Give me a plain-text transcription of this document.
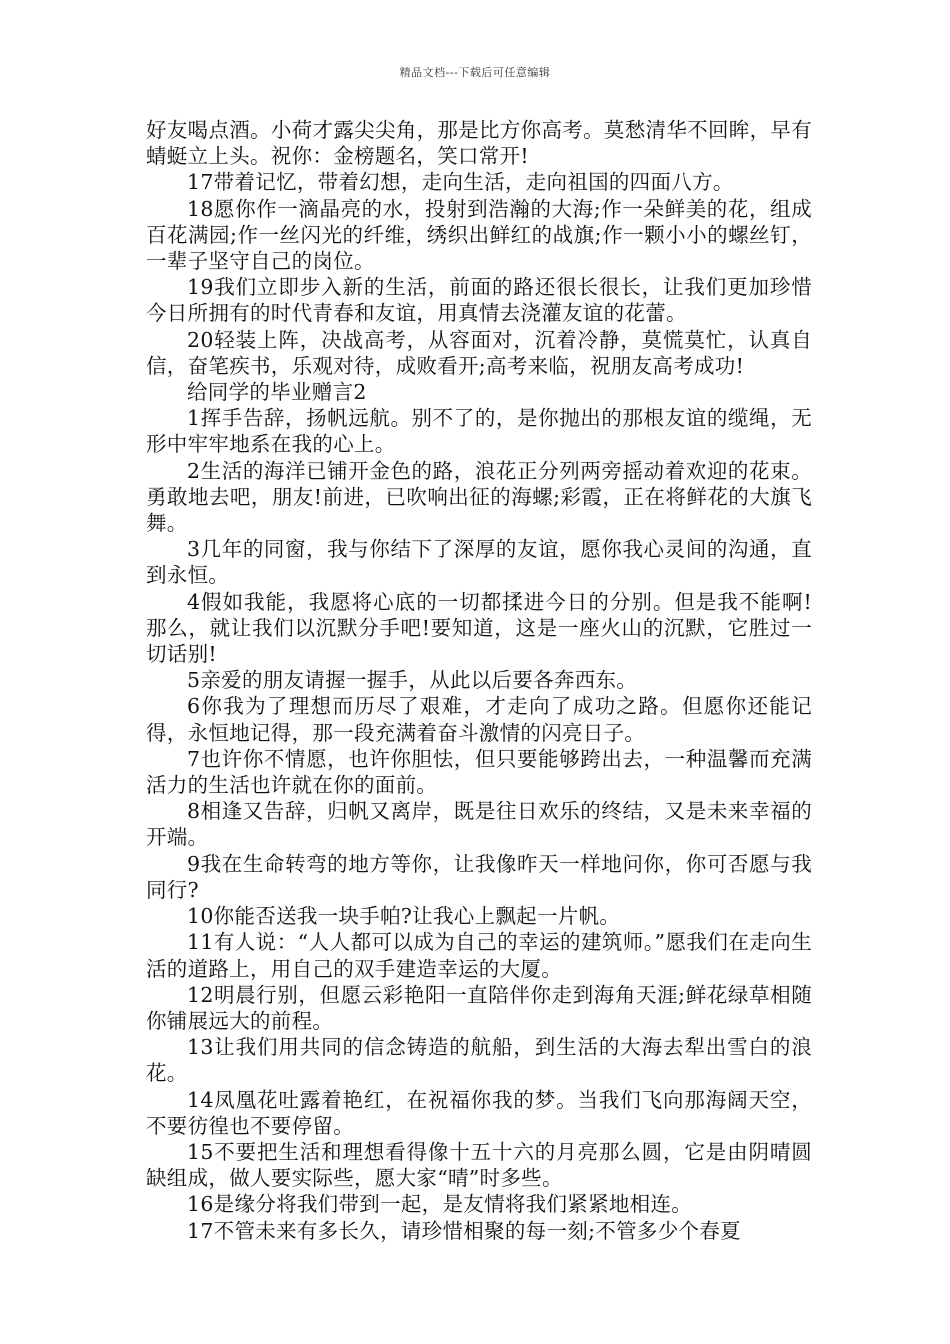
精品文档---下载后可任意编辑

好友喝点酒。小荷才露尖尖角，那是比方你高考。莫愁清华不回眸，早有蜻蜓立上头。祝你：金榜题名，笑口常开!

17带着记忆，带着幻想，走向生活，走向祖国的四面八方。

18愿你作一滴晶亮的水，投射到浩瀚的大海;作一朵鲜美的花，组成百花满园;作一丝闪光的纤维，绣织出鲜红的战旗;作一颗小小的螺丝钉，一辈子坚守自己的岗位。

19我们立即步入新的生活，前面的路还很长很长，让我们更加珍惜今日所拥有的时代青春和友谊，用真情去浇灌友谊的花蕾。

20轻装上阵，决战高考，从容面对，沉着冷静，莫慌莫忙，认真自信，奋笔疾书，乐观对待，成败看开;高考来临，祝朋友高考成功!

给同学的毕业赠言2

1挥手告辞，扬帆远航。别不了的，是你抛出的那根友谊的缆绳，无形中牢牢地系在我的心上。

2生活的海洋已铺开金色的路，浪花正分列两旁摇动着欢迎的花束。勇敢地去吧，朋友!前进，已吹响出征的海螺;彩霞，正在将鲜花的大旗飞舞。

3几年的同窗，我与你结下了深厚的友谊，愿你我心灵间的沟通，直到永恒。

4假如我能，我愿将心底的一切都揉进今日的分别。但是我不能啊!那么，就让我们以沉默分手吧!要知道，这是一座火山的沉默，它胜过一切话别!

5亲爱的朋友请握一握手，从此以后要各奔西东。

6你我为了理想而历尽了艰难，才走向了成功之路。但愿你还能记得，永恒地记得，那一段充满着奋斗激情的闪亮日子。

7也许你不情愿，也许你胆怯，但只要能够跨出去，一种温馨而充满活力的生活也许就在你的面前。

8相逢又告辞，归帆又离岸，既是往日欢乐的终结，又是未来幸福的开端。

9我在生命转弯的地方等你，让我像昨天一样地问你，你可否愿与我同行?

10你能否送我一块手帕?让我心上飘起一片帆。

11有人说：“人人都可以成为自己的幸运的建筑师。”愿我们在走向生活的道路上，用自己的双手建造幸运的大厦。

12明晨行别，但愿云彩艳阳一直陪伴你走到海角天涯;鲜花绿草相随你铺展远大的前程。

13让我们用共同的信念铸造的航船，到生活的大海去犁出雪白的浪花。

14凤凰花吐露着艳红，在祝福你我的梦。当我们飞向那海阔天空，不要彷徨也不要停留。

15不要把生活和理想看得像十五十六的月亮那么圆，它是由阴晴圆缺组成，做人要实际些，愿大家“晴”时多些。

16是缘分将我们带到一起，是友情将我们紧紧地相连。

17不管未来有多长久，请珍惜相聚的每一刻;不管多少个春夏
